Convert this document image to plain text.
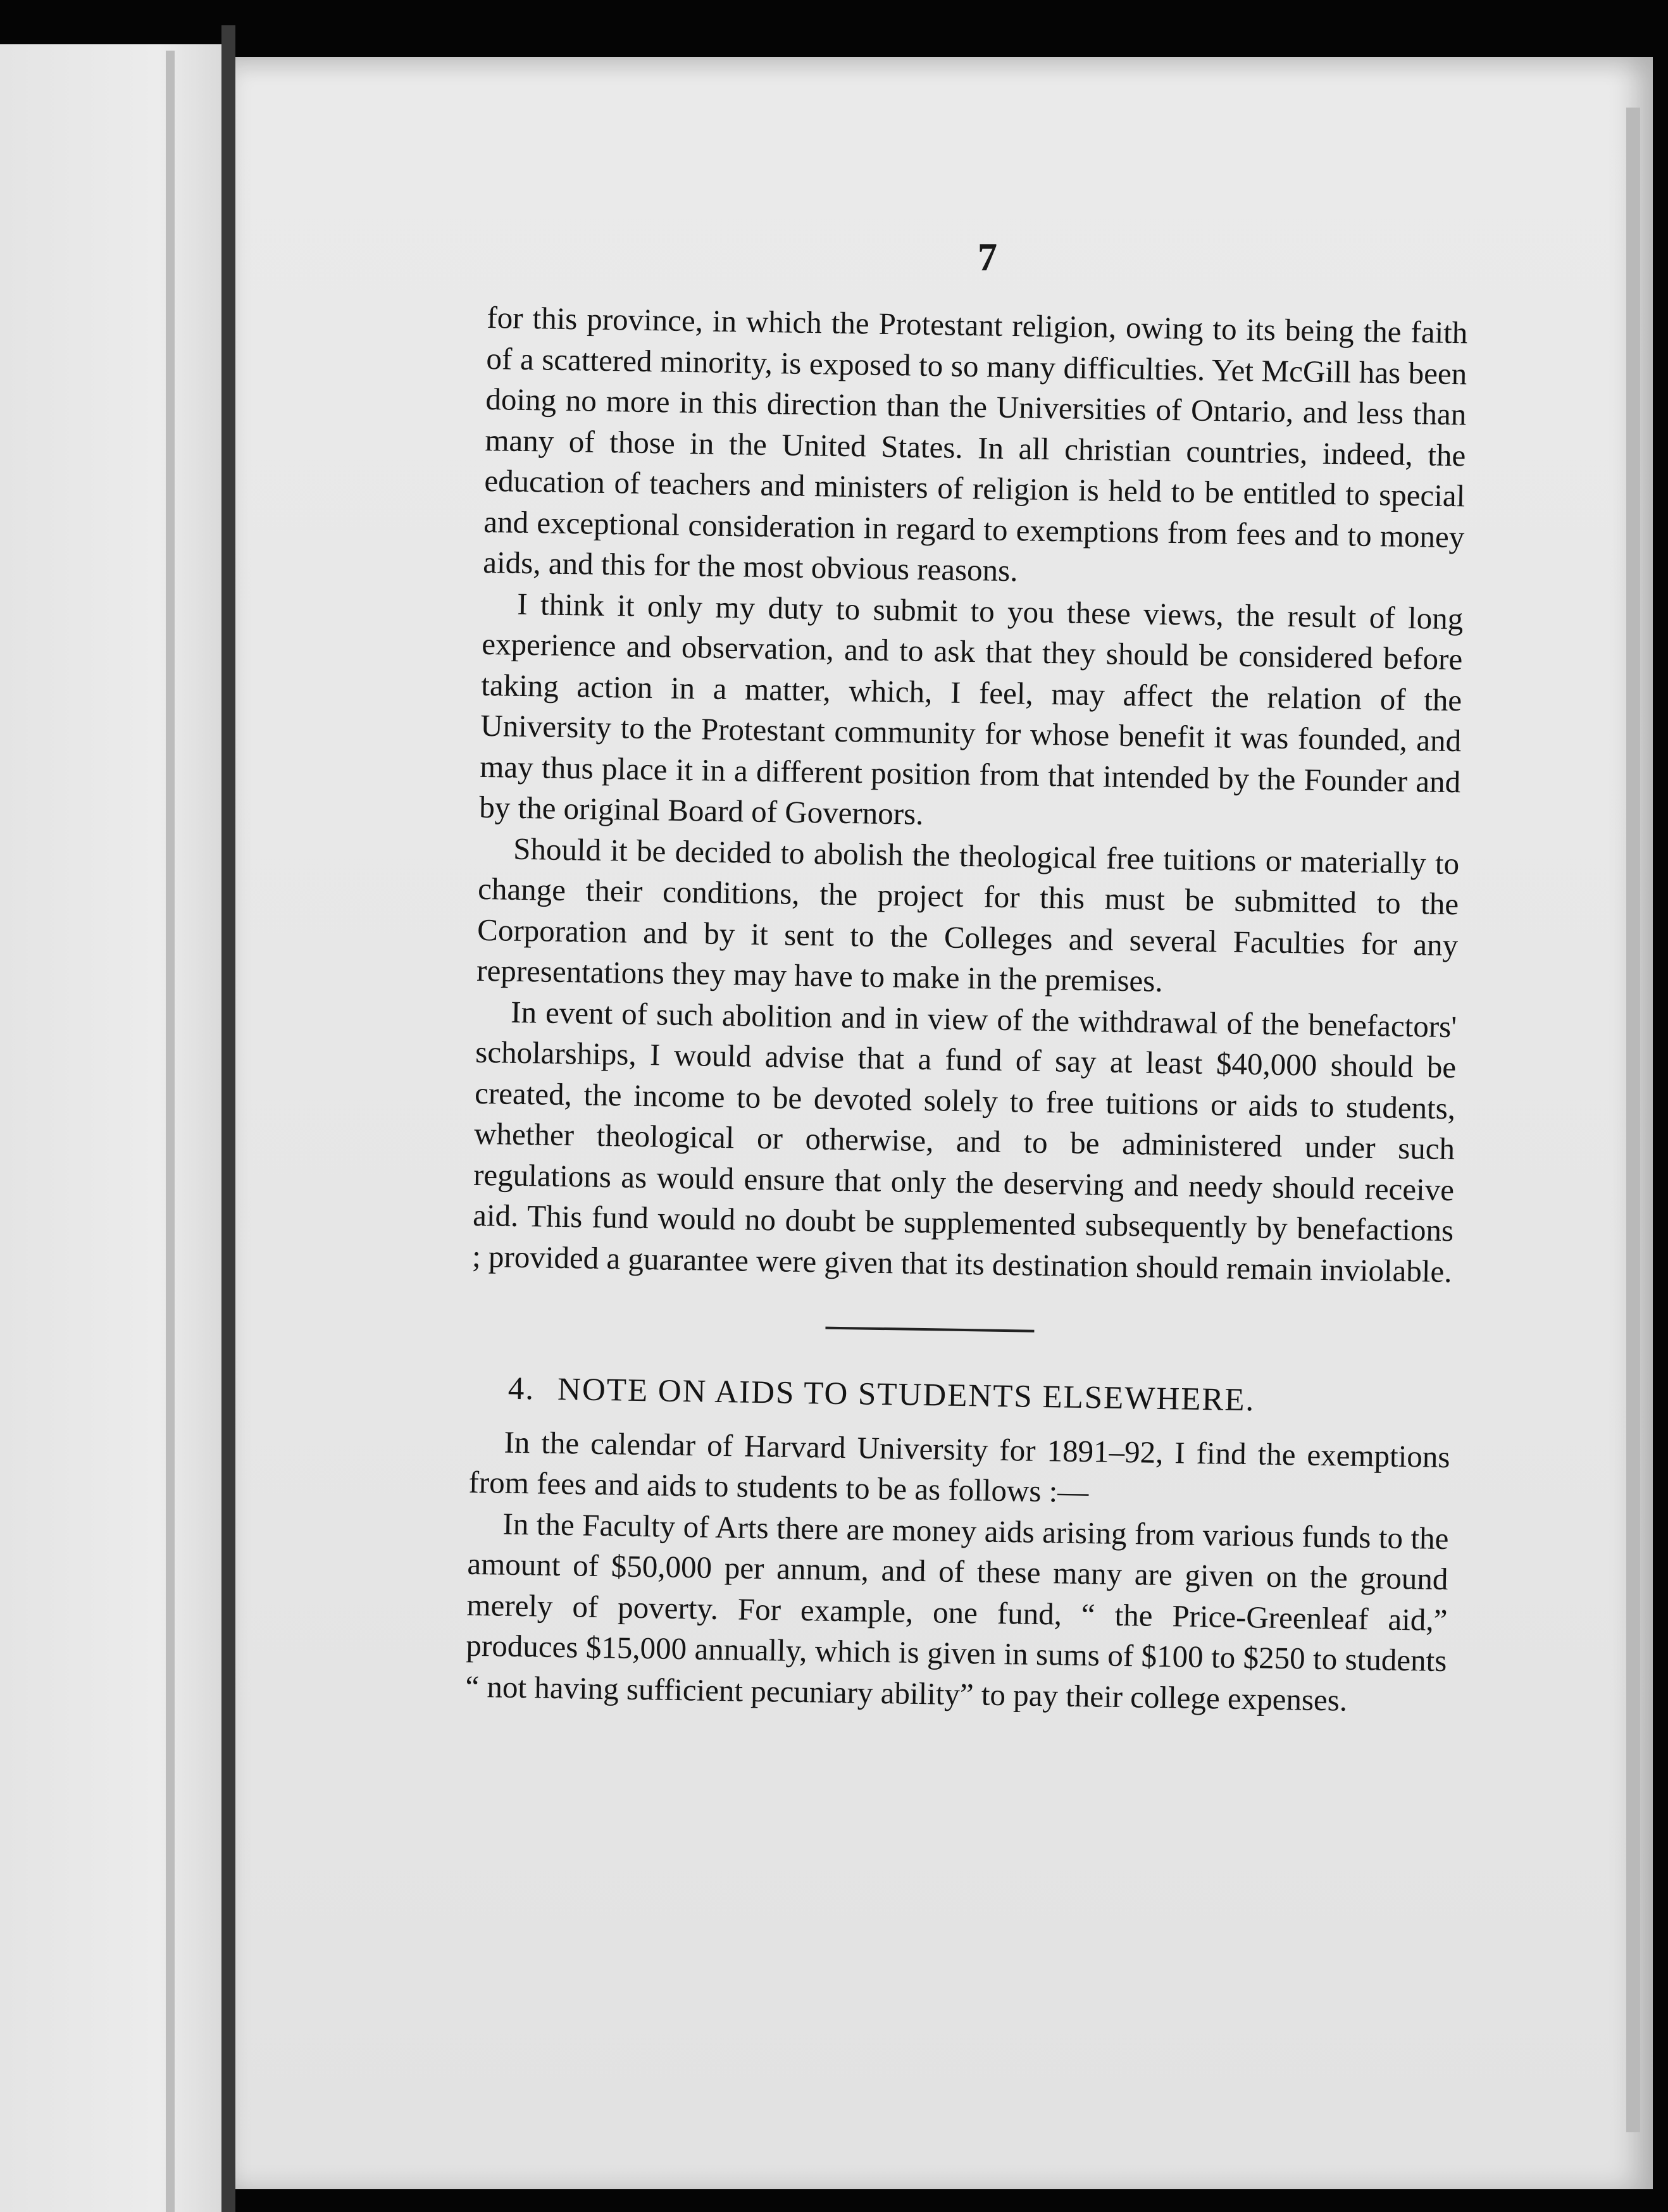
7

for this province, in which the Protestant religion, owing to its being the faith of a scattered minority, is exposed to so many difficulties. Yet McGill has been doing no more in this direction than the Universities of Ontario, and less than many of those in the United States. In all christian countries, indeed, the education of teachers and ministers of religion is held to be entitled to special and exceptional consideration in regard to exemptions from fees and to money aids, and this for the most obvious reasons.

I think it only my duty to submit to you these views, the result of long experience and observation, and to ask that they should be considered before taking action in a matter, which, I feel, may affect the relation of the University to the Protestant community for whose benefit it was founded, and may thus place it in a different position from that intended by the Founder and by the original Board of Governors.

Should it be decided to abolish the theological free tuitions or materially to change their conditions, the project for this must be submitted to the Corporation and by it sent to the Colleges and several Faculties for any representations they may have to make in the premises.

In event of such abolition and in view of the withdrawal of the benefactors' scholarships, I would advise that a fund of say at least $40,000 should be created, the income to be devoted solely to free tuitions or aids to students, whether theological or otherwise, and to be administered under such regulations as would ensure that only the deserving and needy should receive aid. This fund would no doubt be supplemented subsequently by benefactions ; provided a guarantee were given that its destination should remain inviolable.

4. NOTE ON AIDS TO STUDENTS ELSEWHERE.

In the calendar of Harvard University for 1891–92, I find the exemptions from fees and aids to students to be as follows :—

In the Faculty of Arts there are money aids arising from various funds to the amount of $50,000 per annum, and of these many are given on the ground merely of poverty. For example, one fund, “ the Price-Greenleaf aid,” produces $15,000 annually, which is given in sums of $100 to $250 to students “ not having sufficient pecuniary ability” to pay their college expenses.
